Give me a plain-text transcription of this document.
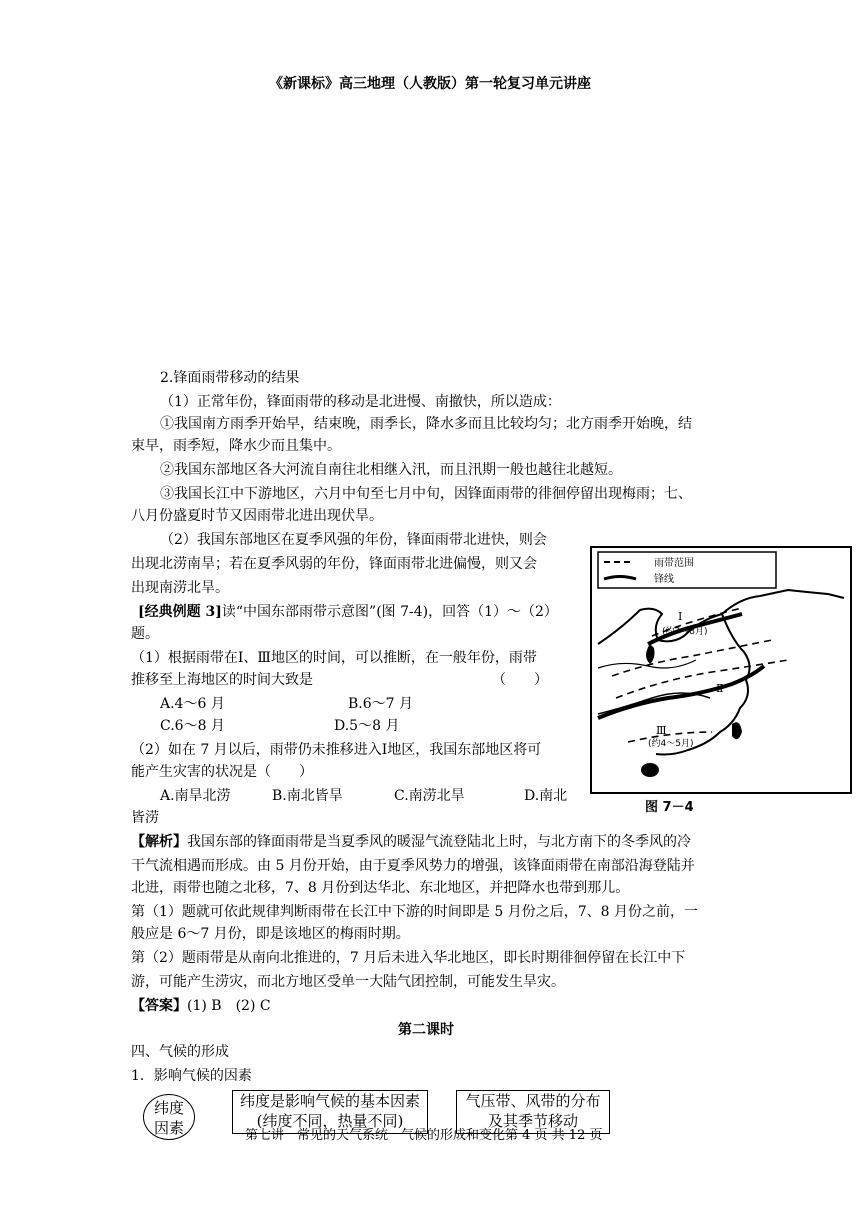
《新课标》高三地理（人教版）第一轮复习单元讲座
2.锋面雨带移动的结果
（1）正常年份，锋面雨带的移动是北进慢、南撤快，所以造成：
①我国南方雨季开始早，结束晚，雨季长，降水多而且比较均匀；北方雨季开始晚，结
束早，雨季短，降水少而且集中。
②我国东部地区各大河流自南往北相继入汛，而且汛期一般也越往北越短。
③我国长江中下游地区，六月中旬至七月中旬，因锋面雨带的徘徊停留出现梅雨；七、
八月份盛夏时节又因雨带北进出现伏旱。
（2）我国东部地区在夏季风强的年份，锋面雨带北进快，则会
出现北涝南旱；若在夏季风弱的年份，锋面雨带北进偏慢，则又会
出现南涝北旱。
[经典例题 3]读“中国东部雨带示意图”(图 7-4)，回答（1）～（2）
题。
（1）根据雨带在Ⅰ、Ⅲ地区的时间，可以推断，在一般年份，雨带
推移至上海地区的时间大致是	（　　）
A.4～6 月	B.6～7 月
C.6～8 月	D.5～8 月
（2）如在 7 月以后，雨带仍未推移进入Ⅰ地区，我国东部地区将可
能产生灾害的状况是（　　）
A.南旱北涝	B.南北皆旱	C.南涝北旱	D.南北
皆涝
【解析】我国东部的锋面雨带是当夏季风的暖湿气流登陆北上时，与北方南下的冬季风的冷
干气流相遇而形成。由 5 月份开始，由于夏季风势力的增强，该锋面雨带在南部沿海登陆并
北进，雨带也随之北移，7、8 月份到达华北、东北地区，并把降水也带到那儿。
第（1）题就可依此规律判断雨带在长江中下游的时间即是 5 月份之后，7、8 月份之前，一
般应是 6～7 月份，即是该地区的梅雨时期。
第（2）题雨带是从南向北推进的，7 月后未进入华北地区，即长时期徘徊停留在长江中下
游，可能产生涝灾，而北方地区受单一大陆气团控制，可能发生旱灾。
【答案】(1) B　(2) C
第二课时
四、气候的形成
1．影响气候的因素
雨带范围
锋线
Ⅰ
(约7～8月)
Ⅱ
Ⅲ
(约4～5月)
图 7－4
纬度
因素
纬度是影响气候的基本因素
(纬度不同，热量不同)
气压带、风带的分布
及其季节移动
第七讲　常见的天气系统　气候的形成和变化第 4 页 共 12 页
